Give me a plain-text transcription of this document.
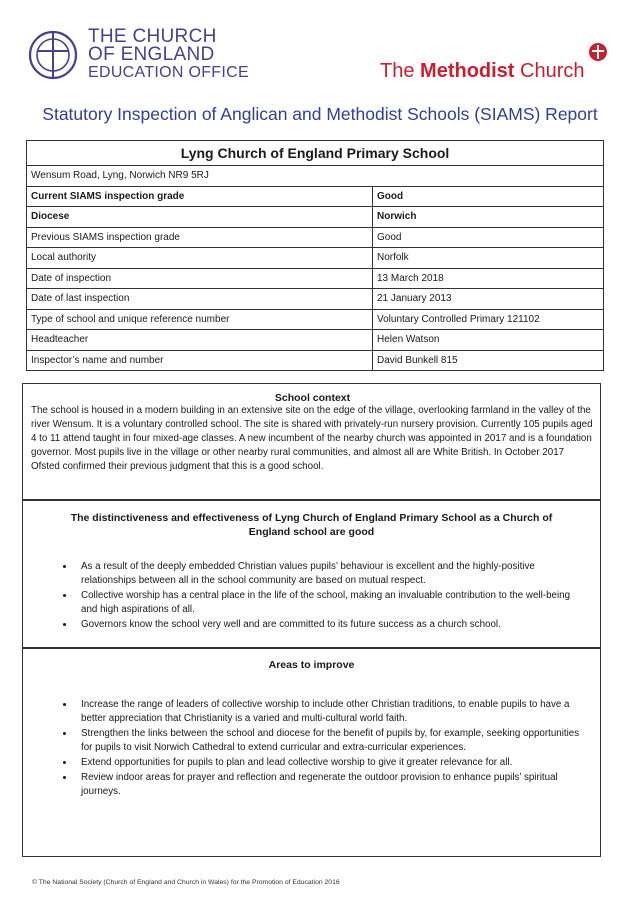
THE CHURCH
OF ENGLAND
EDUCATION OFFICE	The Methodist Church
Statutory Inspection of Anglican and Methodist Schools (SIAMS) Report
Lyng Church of England Primary School	
Wensum Road, Lyng, Norwich NR9 5RJ	
Current SIAMS inspection grade	Good
Diocese	Norwich
Previous SIAMS inspection grade	Good
Local authority	Norfolk
Date of inspection	13 March 2018
Date of last inspection	21 January 2013
Type of school and unique reference number	Voluntary Controlled Primary 121102
Headteacher	Helen Watson
Inspector’s name and number	David Bunkell 815
School context

The school is housed in a modern building in an extensive site on the edge of the village, overlooking farmland in the valley of the river Wensum. It is a voluntary controlled school. The site is shared with privately-run nursery provision. Currently 105 pupils aged 4 to 11 attend taught in four mixed-age classes. A new incumbent of the nearby church was appointed in 2017 and is a foundation governor. Most pupils live in the village or other nearby rural communities, and almost all are White British. In October 2017 Ofsted confirmed their previous judgment that this is a good school.

The distinctiveness and effectiveness of Lyng Church of England Primary School as a Church of England school are good
• As a result of the deeply embedded Christian values pupils’ behaviour is excellent and the highly-positive relationships between all in the school community are based on mutual respect.
• Collective worship has a central place in the life of the school, making an invaluable contribution to the well-being and high aspirations of all.
• Governors know the school very well and are committed to its future success as a church school.
Areas to improve
• Increase the range of leaders of collective worship to include other Christian traditions, to enable pupils to have a better appreciation that Christianity is a varied and multi-cultural world faith.
• Strengthen the links between the school and diocese for the benefit of pupils by, for example, seeking opportunities for pupils to visit Norwich Cathedral to extend curricular and extra-curricular experiences.
• Extend opportunities for pupils to plan and lead collective worship to give it greater relevance for all.
• Review indoor areas for prayer and reflection and regenerate the outdoor provision to enhance pupils’ spiritual journeys.
© The National Society (Church of England and Church in Wales) for the Promotion of Education 2016
